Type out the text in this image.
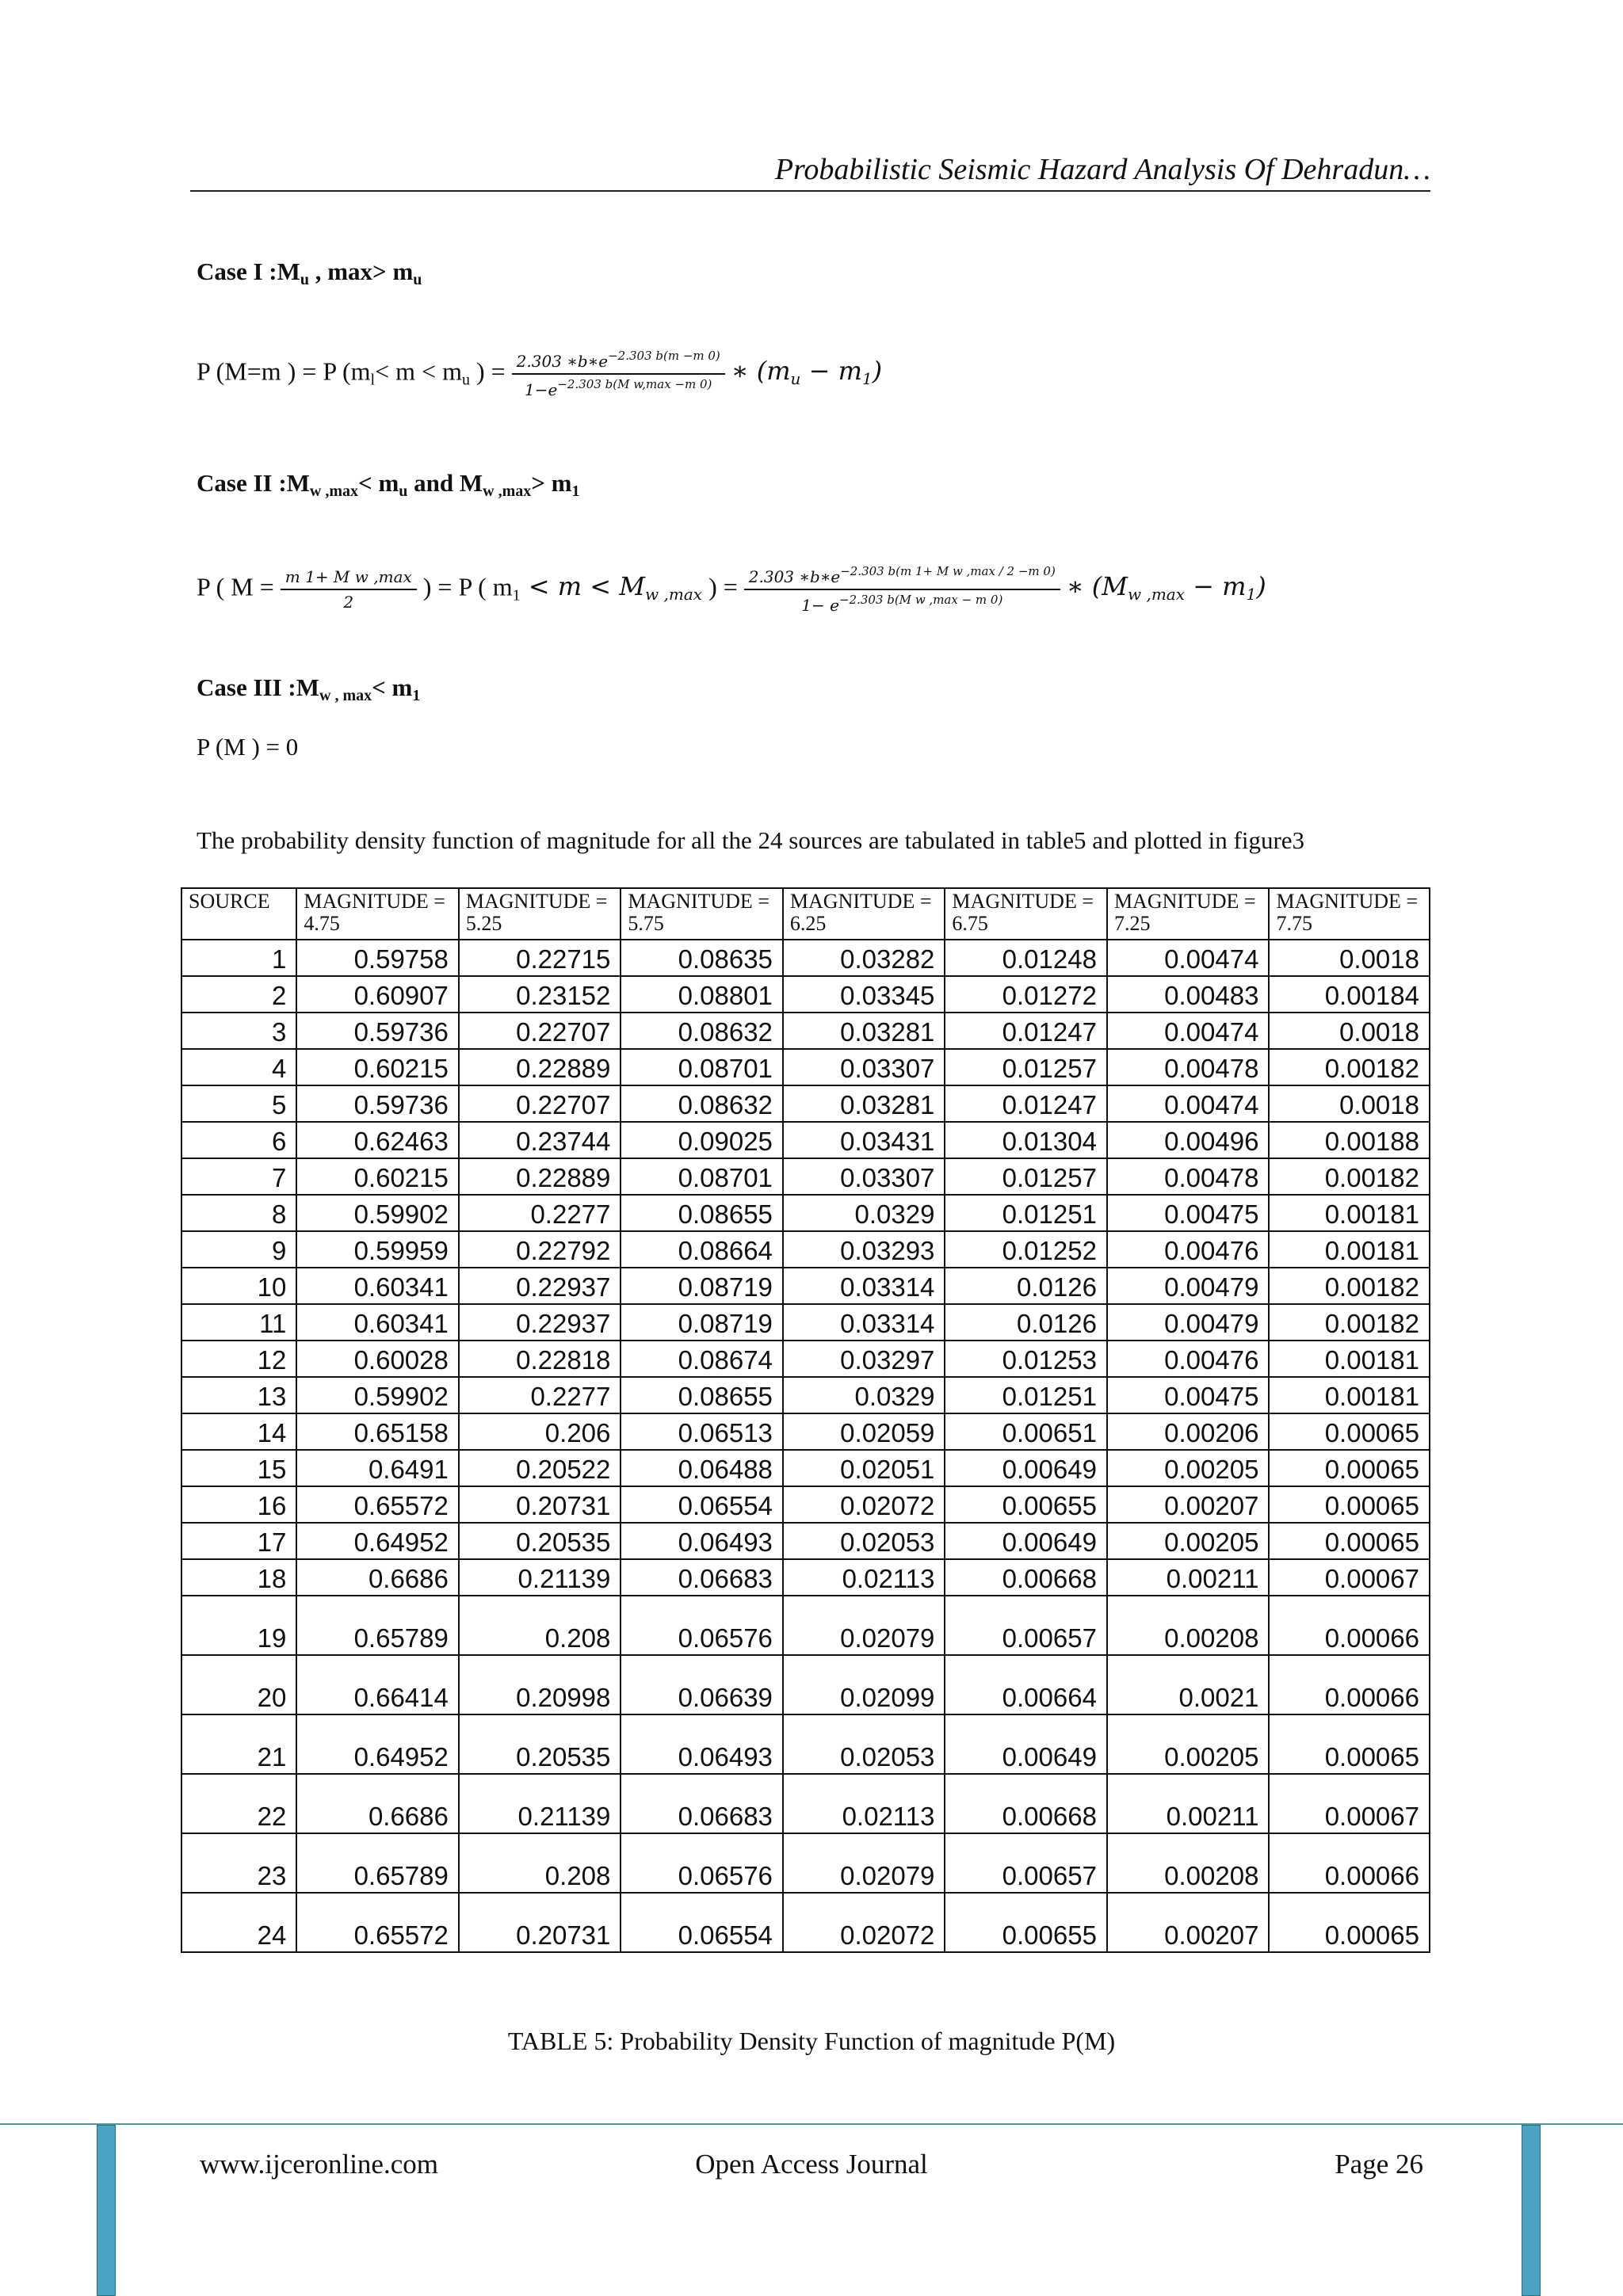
Probabilistic Seismic Hazard Analysis Of Dehradun…
Case I $:M_u$ , $\max> m_u$
P (M=m ) = P ($m_l< m < m_u$ ) = $\frac{2.303 ∗b∗e^{-2.303 b(m -m 0)}}{1-e^{-2.303 b(M w,max -m 0)}}$ ∗ $(m_u - m_1)$
Case II $:M_{w ,max}< m_u$ and $M_{w ,max}> m_1$
P ( $M = \frac{\text{m 1+ M w ,max}}{2}$ ) = P ( $m_1 < m < M_{w ,max}$ ) = $\frac{2.303 ∗b∗e^{-2.303 b(m 1+ M w ,max / 2 -m 0)}}{1- e^{-2.303 b(M w ,max - m 0)}}$ ∗ $(M_{w ,max} - m_1)$
Case III $:M_{w , max}< m_1$
P (M ) = 0
The probability density function of magnitude for all the 24 sources are tabulated in table5 and plotted in figure3
SOURCE	MAGNITUDE = 4.75	MAGNITUDE = 5.25	MAGNITUDE = 5.75	MAGNITUDE = 6.25	MAGNITUDE = 6.75	MAGNITUDE = 7.25	MAGNITUDE = 7.75
1	0.59758	0.22715	0.08635	0.03282	0.01248	0.00474	0.0018
2	0.60907	0.23152	0.08801	0.03345	0.01272	0.00483	0.00184
3	0.59736	0.22707	0.08632	0.03281	0.01247	0.00474	0.0018
4	0.60215	0.22889	0.08701	0.03307	0.01257	0.00478	0.00182
5	0.59736	0.22707	0.08632	0.03281	0.01247	0.00474	0.0018
6	0.62463	0.23744	0.09025	0.03431	0.01304	0.00496	0.00188
7	0.60215	0.22889	0.08701	0.03307	0.01257	0.00478	0.00182
8	0.59902	0.2277	0.08655	0.0329	0.01251	0.00475	0.00181
9	0.59959	0.22792	0.08664	0.03293	0.01252	0.00476	0.00181
10	0.60341	0.22937	0.08719	0.03314	0.0126	0.00479	0.00182
11	0.60341	0.22937	0.08719	0.03314	0.0126	0.00479	0.00182
12	0.60028	0.22818	0.08674	0.03297	0.01253	0.00476	0.00181
13	0.59902	0.2277	0.08655	0.0329	0.01251	0.00475	0.00181
14	0.65158	0.206	0.06513	0.02059	0.00651	0.00206	0.00065
15	0.6491	0.20522	0.06488	0.02051	0.00649	0.00205	0.00065
16	0.65572	0.20731	0.06554	0.02072	0.00655	0.00207	0.00065
17	0.64952	0.20535	0.06493	0.02053	0.00649	0.00205	0.00065
18	0.6686	0.21139	0.06683	0.02113	0.00668	0.00211	0.00067
19	0.65789	0.208	0.06576	0.02079	0.00657	0.00208	0.00066
20	0.66414	0.20998	0.06639	0.02099	0.00664	0.0021	0.00066
21	0.64952	0.20535	0.06493	0.02053	0.00649	0.00205	0.00065
22	0.6686	0.21139	0.06683	0.02113	0.00668	0.00211	0.00067
23	0.65789	0.208	0.06576	0.02079	0.00657	0.00208	0.00066
24	0.65572	0.20731	0.06554	0.02072	0.00655	0.00207	0.00065
TABLE 5: Probability Density Function of magnitude P(M)
www.ijceronline.com	Open Access Journal	Page 26
